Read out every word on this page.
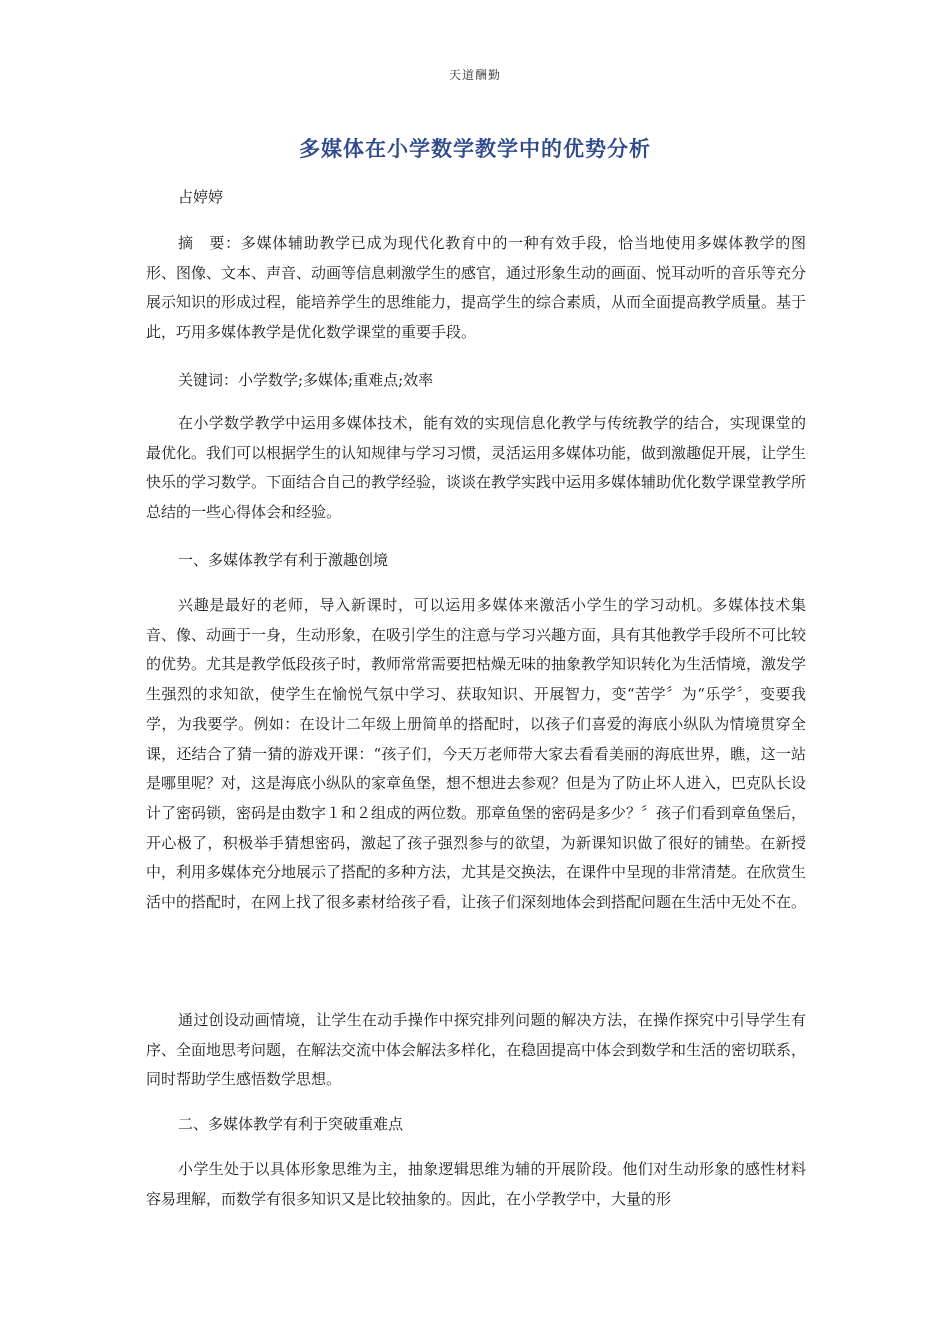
天道酬勤
多媒体在小学数学教学中的优势分析

占婷婷

摘　要：多媒体辅助教学已成为现代化教育中的一种有效手段，恰当地使用多媒体教学的图形、图像、文本、声音、动画等信息刺激学生的感官，通过形象生动的画面、悦耳动听的音乐等充分展示知识的形成过程，能培养学生的思维能力，提高学生的综合素质，从而全面提高教学质量。基于此，巧用多媒体教学是优化数学课堂的重要手段。

关键词：小学数学;多媒体;重难点;效率

在小学数学教学中运用多媒体技术，能有效的实现信息化教学与传统教学的结合，实现课堂的最优化。我们可以根据学生的认知规律与学习习惯，灵活运用多媒体功能，做到激趣促开展，让学生快乐的学习数学。下面结合自己的教学经验，谈谈在教学实践中运用多媒体辅助优化数学课堂教学所总结的一些心得体会和经验。

一、多媒体教学有利于激趣创境

兴趣是最好的老师，导入新课时，可以运用多媒体来激活小学生的学习动机。多媒体技术集音、像、动画于一身，生动形象，在吸引学生的注意与学习兴趣方面，具有其他教学手段所不可比较的优势。尤其是教学低段孩子时，教师常常需要把枯燥无味的抽象教学知识转化为生活情境，激发学生强烈的求知欲，使学生在愉悦气氛中学习、获取知识、开展智力，变“苦学〞为“乐学〞，变要我学，为我要学。例如：在设计二年级上册简单的搭配时，以孩子们喜爱的海底小纵队为情境贯穿全课，还结合了猜一猜的游戏开课：“孩子们，今天万老师带大家去看看美丽的海底世界，瞧，这一站是哪里呢？对，这是海底小纵队的家章鱼堡，想不想进去参观？但是为了防止坏人进入，巴克队长设计了密码锁，密码是由数字１和２组成的两位数。那章鱼堡的密码是多少？〞孩子们看到章鱼堡后，开心极了，积极举手猜想密码，激起了孩子强烈参与的欲望，为新课知识做了很好的铺垫。在新授中，利用多媒体充分地展示了搭配的多种方法，尤其是交换法，在课件中呈现的非常清楚。在欣赏生活中的搭配时，在网上找了很多素材给孩子看，让孩子们深刻地体会到搭配问题在生活中无处不在。

通过创设动画情境，让学生在动手操作中探究排列问题的解决方法，在操作探究中引导学生有序、全面地思考问题，在解法交流中体会解法多样化，在稳固提高中体会到数学和生活的密切联系，同时帮助学生感悟数学思想。

二、多媒体教学有利于突破重难点

小学生处于以具体形象思维为主，抽象逻辑思维为辅的开展阶段。他们对生动形象的感性材料容易理解，而数学有很多知识又是比较抽象的。因此，在小学教学中，大量的形
